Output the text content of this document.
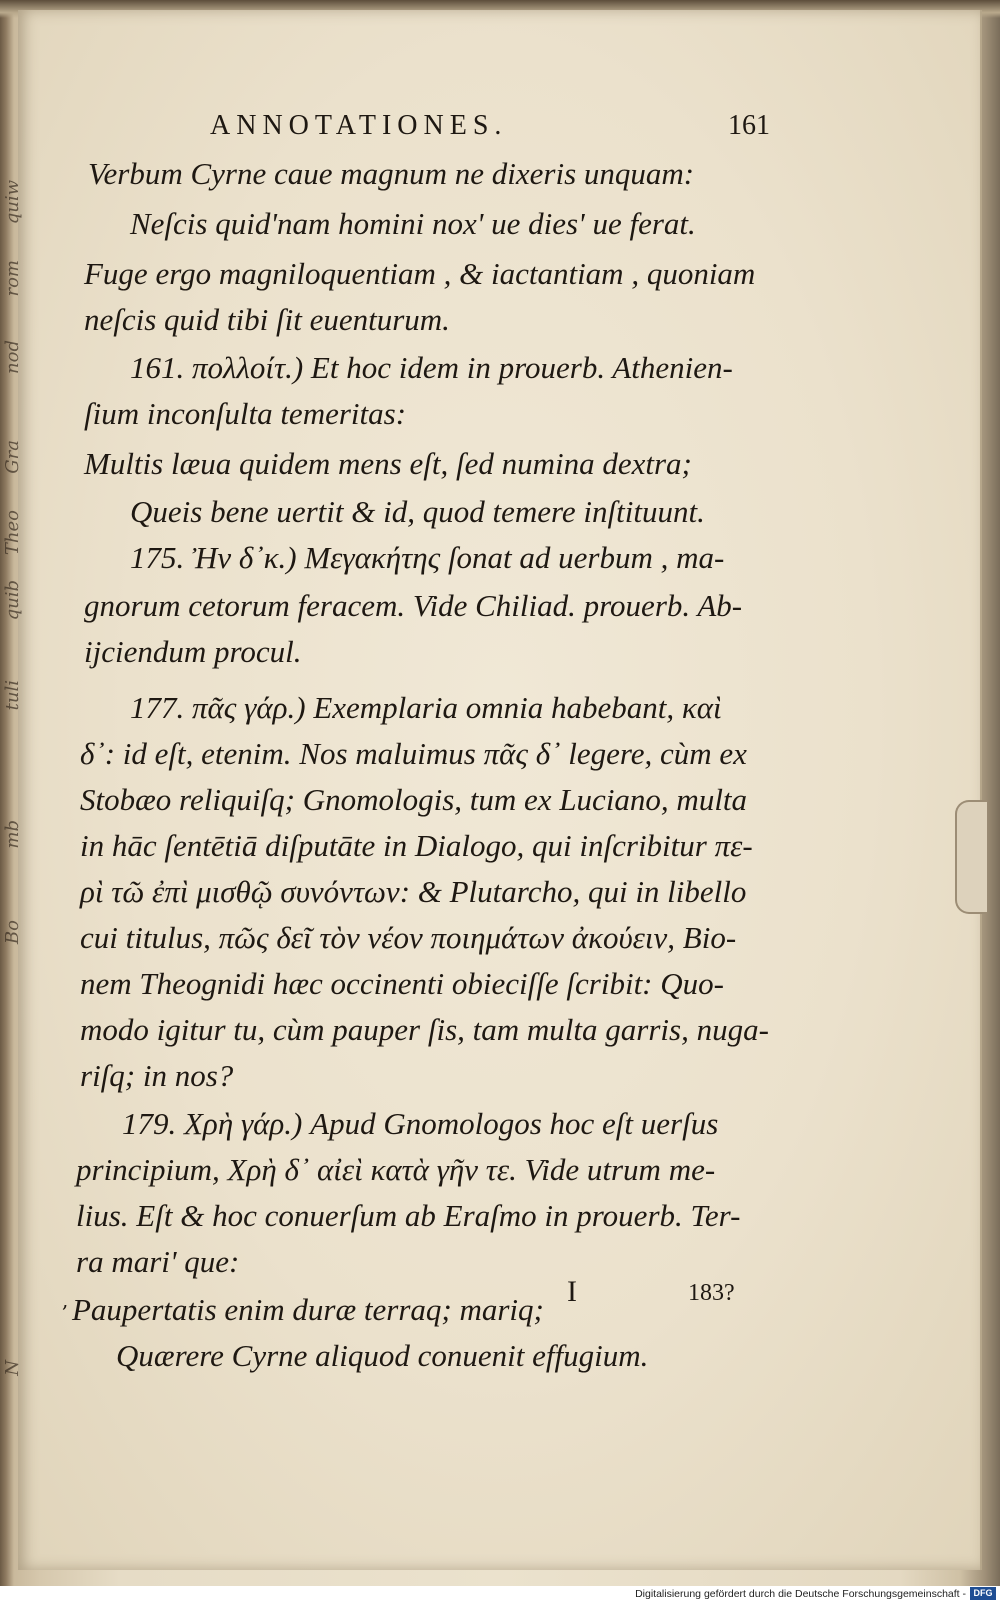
quiw
rom
nod
Gra
Theo
quib
tuli
mb
Bo
N
ANNOTATIONES.	161
Verbum Cyrne caue magnum ne dixeris unquam:
Neſcis quid'nam homini nox' ue dies' ue ferat.
Fuge ergo magniloquentiam , & iactantiam , quoniam
neſcis quid tibi ſit euenturum.
161. πολλοίτ.) Et hoc idem in prouerb. Athenien-
ſium inconſulta temeritas:
Multis læua quidem mens eſt, ſed numina dextra;
Queis bene uertit & id, quod temere inſtituunt.
175. Ἠν δ᾽κ.) Μεγακήτης ſonat ad uerbum , ma-
gnorum cetorum feracem. Vide Chiliad. prouerb. Ab-
ijciendum procul.
177. πᾶς γάρ.) Exemplaria omnia habebant, καὶ
δ᾽: id eſt, etenim. Nos maluimus πᾶς δ᾽ legere, cùm ex
Stobæo reliquiſq; Gnomologis, tum ex Luciano, multa
in hāc ſentētiā diſputāte in Dialogo, qui inſcribitur πε-
ρὶ τῶ ἐπὶ μισθῷ συνόντων: & Plutarcho, qui in libello
cui titulus, πῶς δεῖ τὸν νέον ποιημάτων ἀκούειν, Bio-
nem Theognidi hæc occinenti obieciſſe ſcribit: Quo-
modo igitur tu, cùm pauper ſis, tam multa garris, nuga-
riſq; in nos?
179. Χρὴ γάρ.) Apud Gnomologos hoc eſt uerſus
principium, Χρὴ δ᾽ αἰεὶ κατὰ γῆν τε. Vide utrum me-
lius. Eſt & hoc conuerſum ab Eraſmo in prouerb. Ter-
ra mari' que:
Paupertatis enim duræ terraq; mariq;
Quærere Cyrne aliquod conuenit effugium.
,	I	183?
Digitalisierung gefördert durch die Deutsche Forschungsgemeinschaft - DFG
